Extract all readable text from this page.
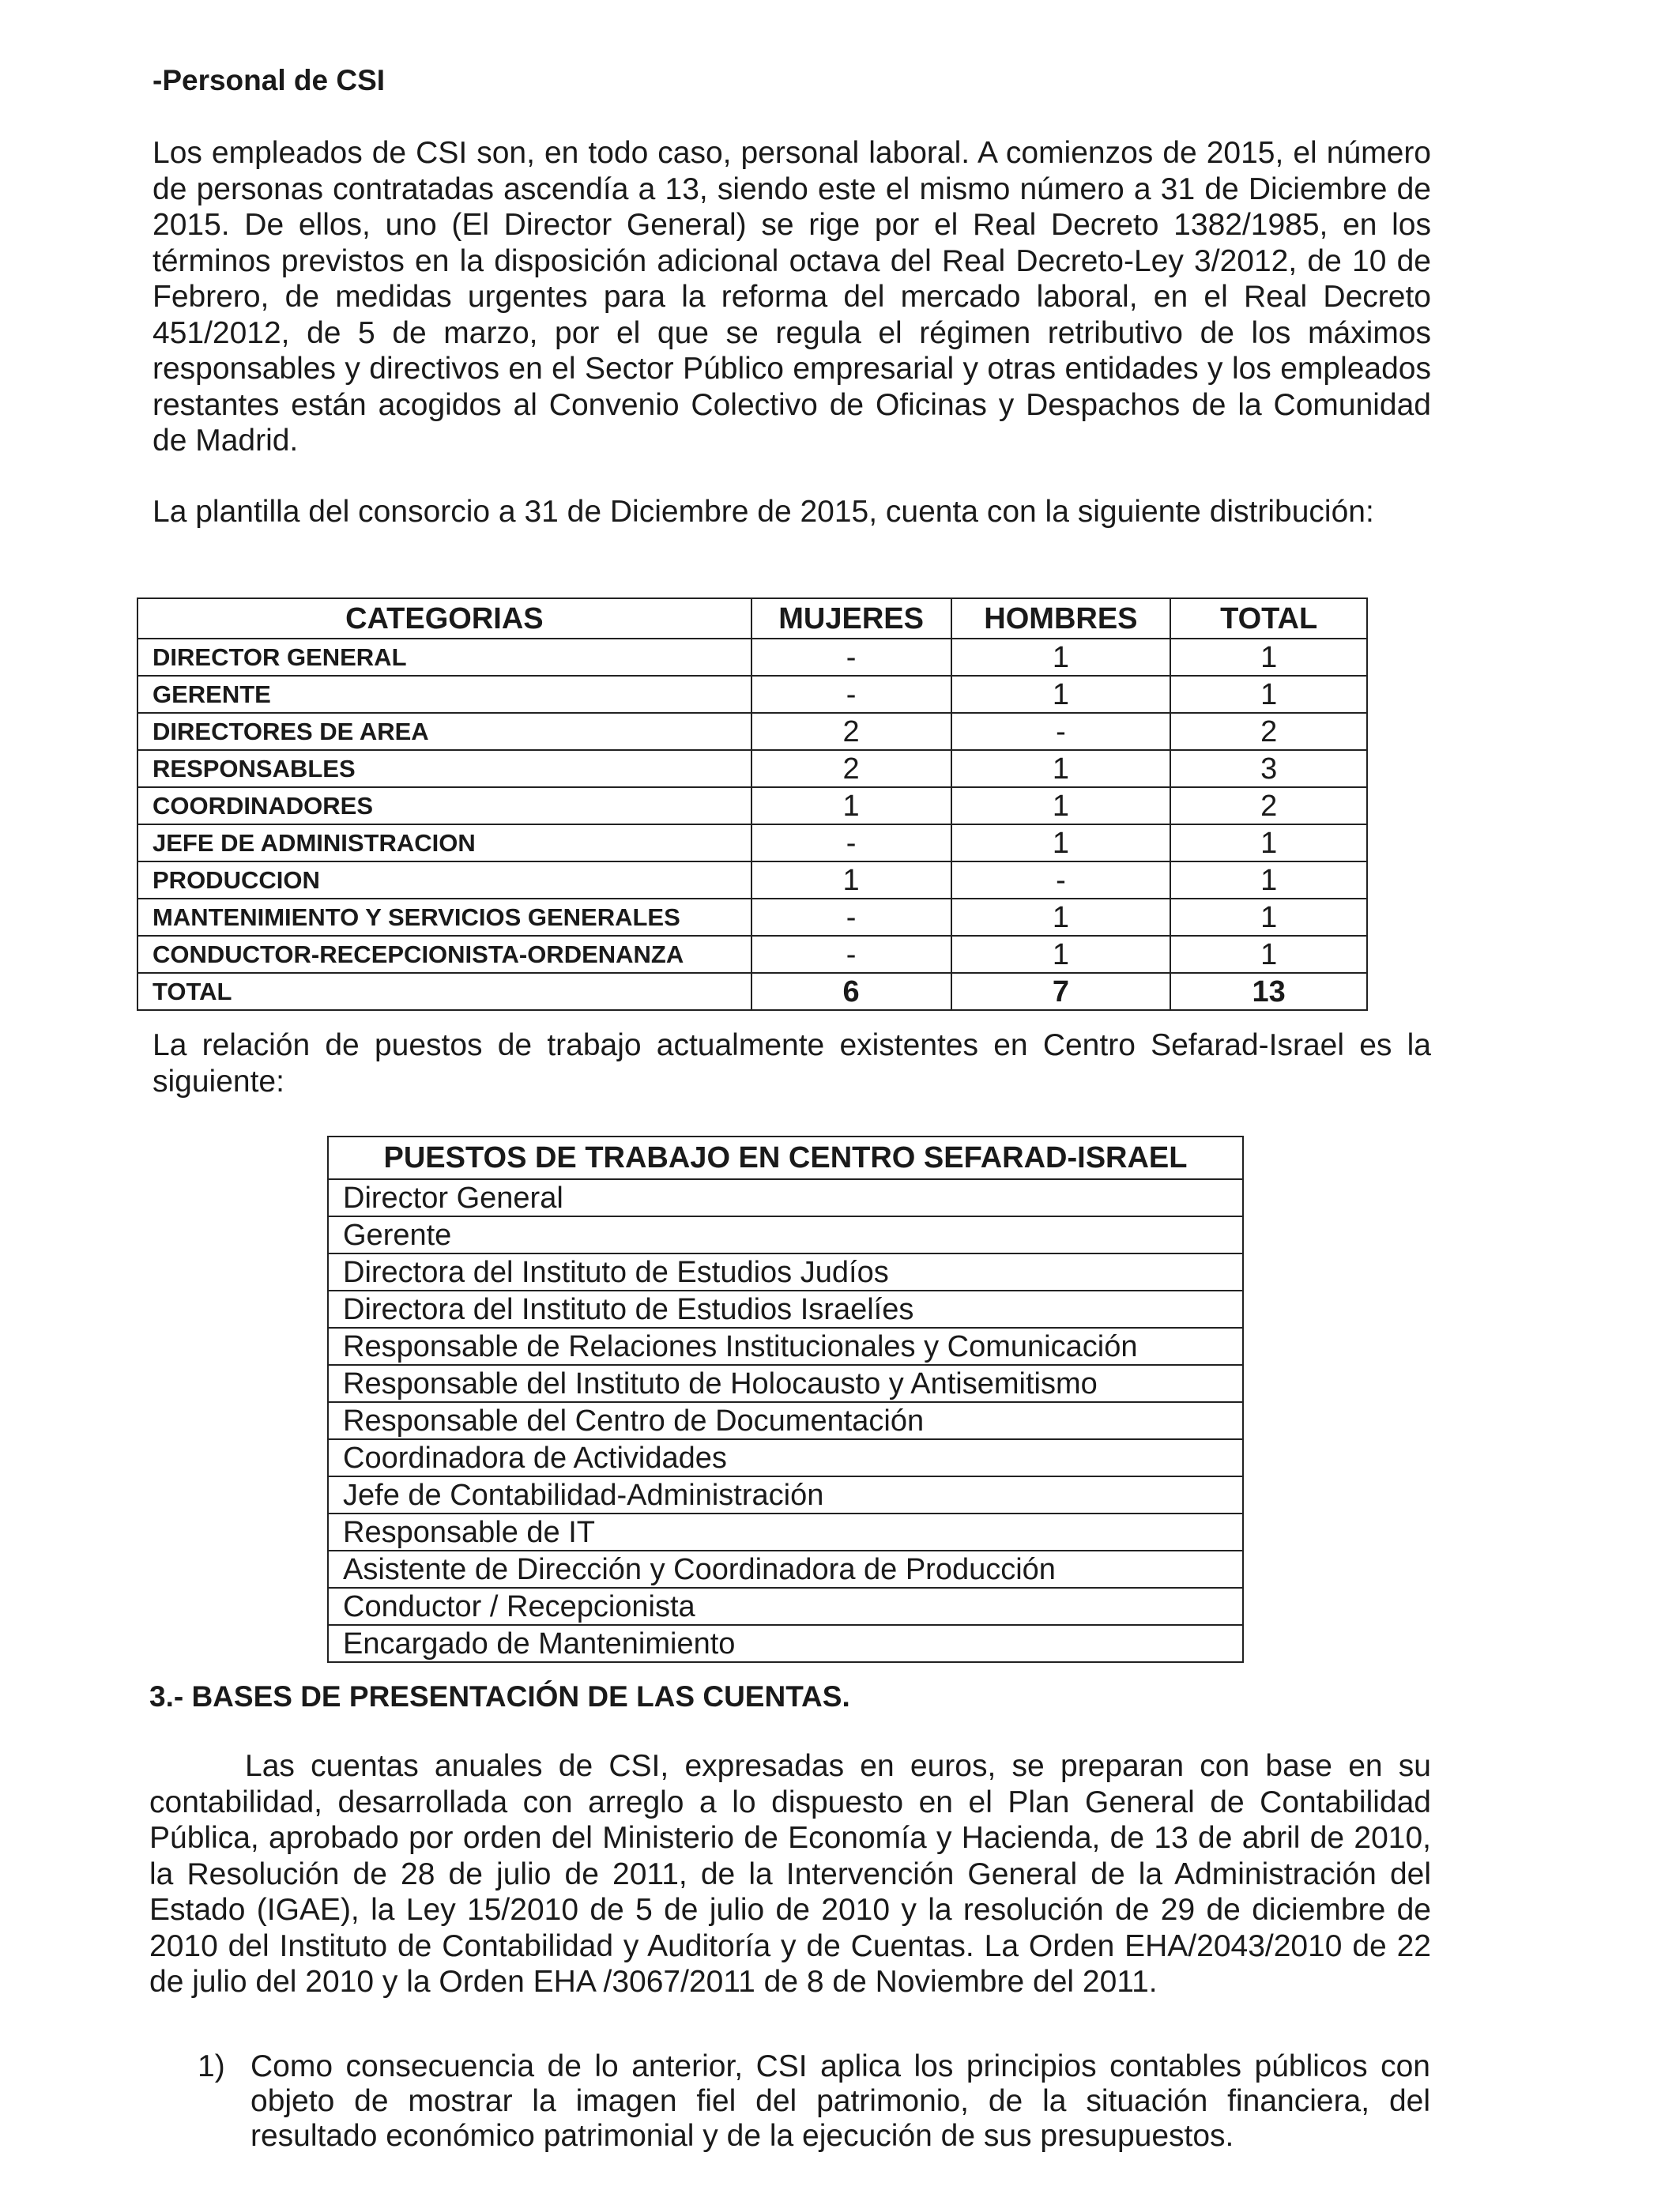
-Personal de CSI

Los empleados de CSI son, en todo caso, personal laboral. A comienzos de 2015, el número de personas contratadas ascendía a 13, siendo este el mismo número a 31 de Diciembre de 2015. De ellos, uno (El Director General) se rige por el Real Decreto 1382/1985, en los términos previstos en la disposición adicional octava del Real Decreto-Ley 3/2012, de 10 de Febrero, de medidas urgentes para la reforma del mercado laboral, en el Real Decreto 451/2012, de 5 de marzo, por el que se regula el régimen retributivo de los máximos responsables y directivos en el Sector Público empresarial y otras entidades y los empleados restantes están acogidos al Convenio Colectivo de Oficinas y Despachos de la Comunidad de Madrid.

La plantilla del consorcio a 31 de Diciembre de 2015, cuenta con la siguiente distribución:

CATEGORIAS	MUJERES	HOMBRES	TOTAL
DIRECTOR GENERAL	-	1	1
GERENTE	-	1	1
DIRECTORES DE AREA	2	-	2
RESPONSABLES	2	1	3
COORDINADORES	1	1	2
JEFE DE ADMINISTRACION	-	1	1
PRODUCCION	1	-	1
MANTENIMIENTO Y SERVICIOS GENERALES	-	1	1
CONDUCTOR-RECEPCIONISTA-ORDENANZA	-	1	1
TOTAL	6	7	13

La relación de puestos de trabajo actualmente existentes en Centro Sefarad-Israel es la siguiente:

PUESTOS DE TRABAJO EN CENTRO SEFARAD-ISRAEL
Director General
Gerente
Directora del Instituto de Estudios Judíos
Directora del Instituto de Estudios Israelíes
Responsable de Relaciones Institucionales y Comunicación
Responsable del Instituto de Holocausto y Antisemitismo
Responsable del Centro de Documentación
Coordinadora de Actividades
Jefe de Contabilidad-Administración
Responsable de IT
Asistente de Dirección y Coordinadora de Producción
Conductor / Recepcionista
Encargado de Mantenimiento

3.- BASES DE PRESENTACIÓN DE LAS CUENTAS.

Las cuentas anuales de CSI, expresadas en euros, se preparan con base en su contabilidad, desarrollada con arreglo a lo dispuesto en el Plan General de Contabilidad Pública, aprobado por orden del Ministerio de Economía y Hacienda, de 13 de abril de 2010, la Resolución de 28 de julio de 2011, de la Intervención General de la Administración del Estado (IGAE), la Ley 15/2010 de 5 de julio de 2010 y la resolución de 29 de diciembre de 2010 del Instituto de Contabilidad y Auditoría y de Cuentas. La Orden EHA/2043/2010 de 22 de julio del 2010 y la Orden EHA /3067/2011 de 8 de Noviembre del 2011.

1) Como consecuencia de lo anterior, CSI aplica los principios contables públicos con objeto de mostrar la imagen fiel del patrimonio, de la situación financiera, del resultado económico patrimonial y de la ejecución de sus presupuestos.
